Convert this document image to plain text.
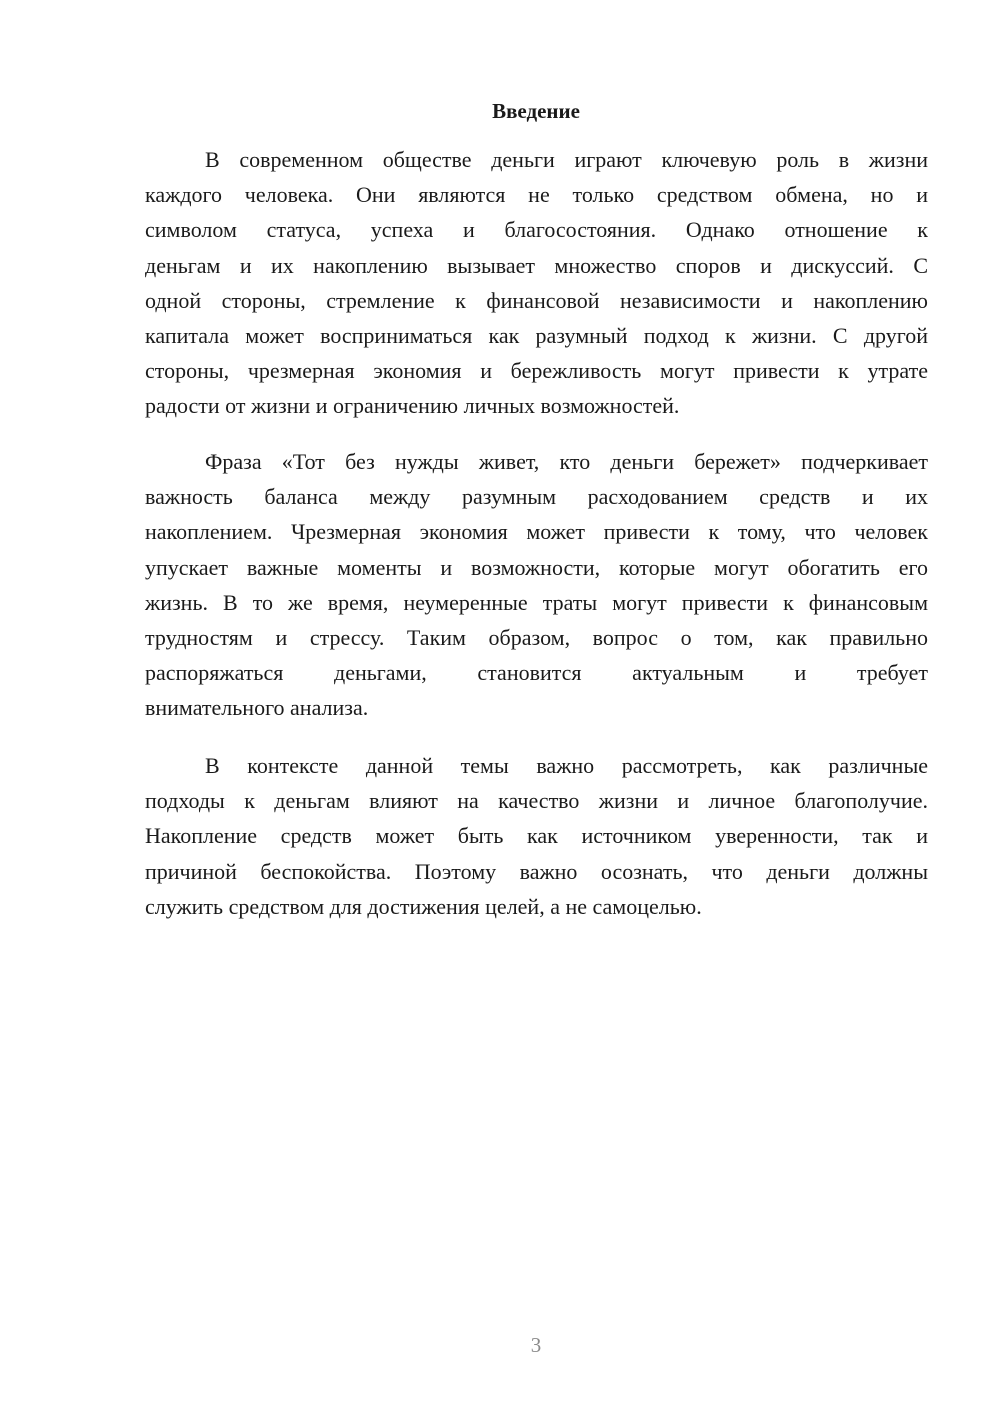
Введение
В современном обществе деньги играют ключевую роль в жизни
каждого человека. Они являются не только средством обмена, но и
символом статуса, успеха и благосостояния. Однако отношение к
деньгам и их накоплению вызывает множество споров и дискуссий. С
одной стороны, стремление к финансовой независимости и накоплению
капитала может восприниматься как разумный подход к жизни. С другой
стороны, чрезмерная экономия и бережливость могут привести к утрате
радости от жизни и ограничению личных возможностей.
Фраза «Тот без нужды живет, кто деньги бережет» подчеркивает
важность баланса между разумным расходованием средств и их
накоплением. Чрезмерная экономия может привести к тому, что человек
упускает важные моменты и возможности, которые могут обогатить его
жизнь. В то же время, неумеренные траты могут привести к финансовым
трудностям и стрессу. Таким образом, вопрос о том, как правильно
распоряжаться деньгами, становится актуальным и требует
внимательного анализа.
В контексте данной темы важно рассмотреть, как различные
подходы к деньгам влияют на качество жизни и личное благополучие.
Накопление средств может быть как источником уверенности, так и
причиной беспокойства. Поэтому важно осознать, что деньги должны
служить средством для достижения целей, а не самоцелью.
3
